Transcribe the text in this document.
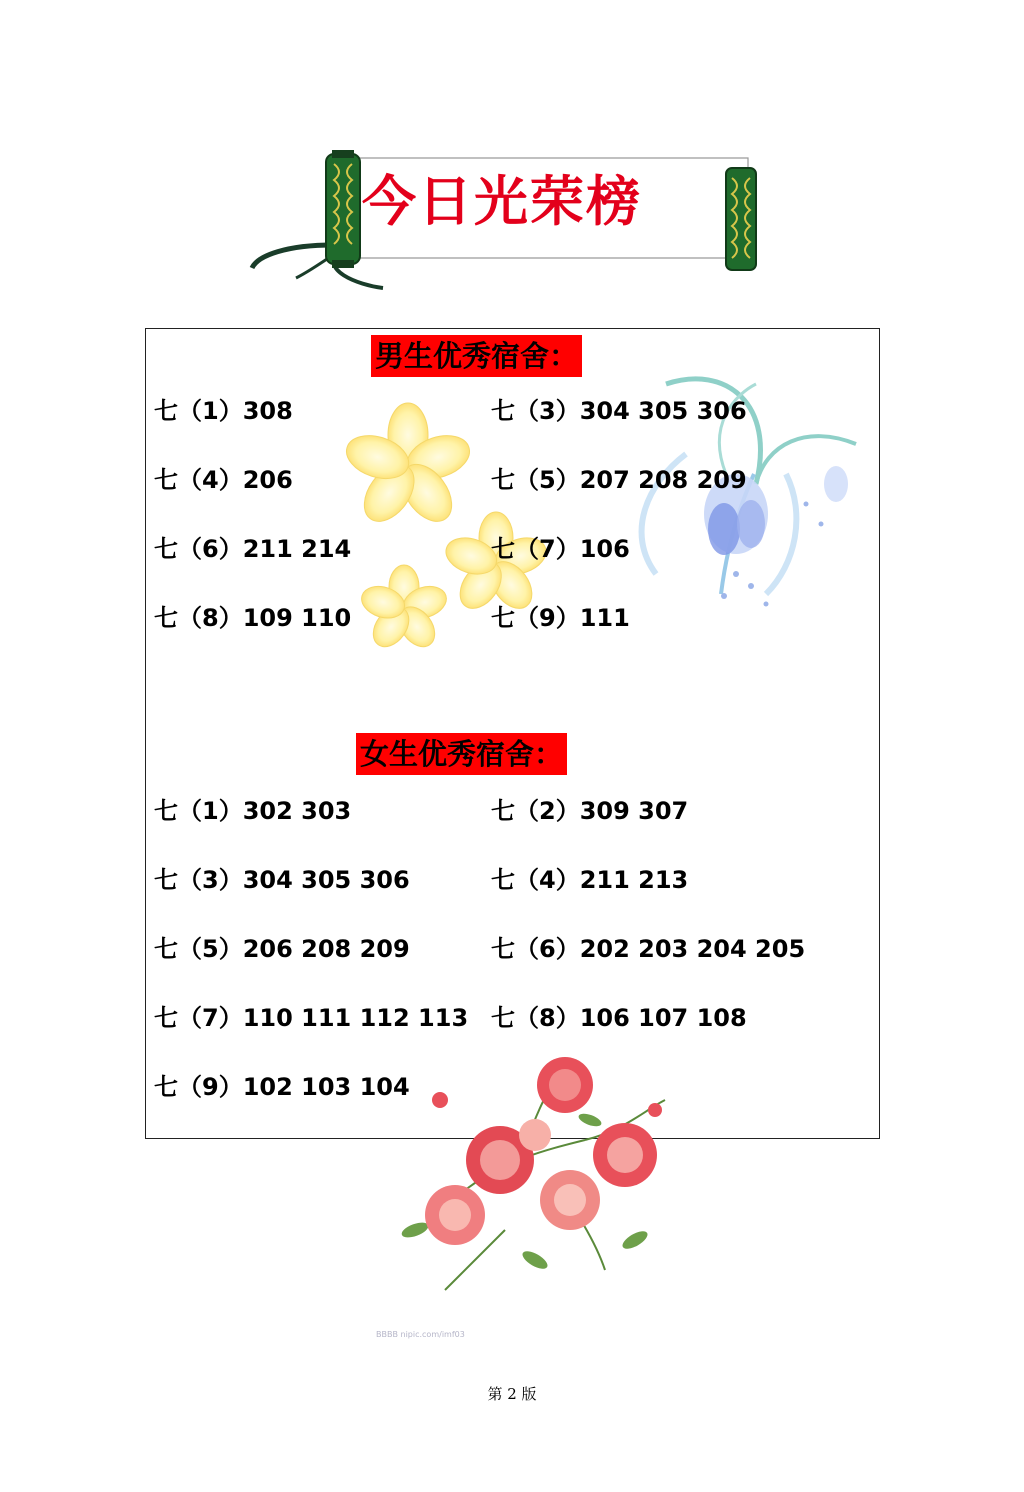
今日光荣榜
男生优秀宿舍：
七（1）308
七（4）206
七（6）211 214
七（8）109 110
七（3）304 305 306
七（5）207 208 209
七（7）106
七（9）111
女生优秀宿舍：
七（1）302 303
七（3）304 305 306
七（5）206 208 209
七（7）110 111 112 113
七（9）102 103 104
七（2）309 307
七（4）211 213
七（6）202 203 204 205
七（8）106 107 108
BBBB nipic.com/imf03
第 2 版
